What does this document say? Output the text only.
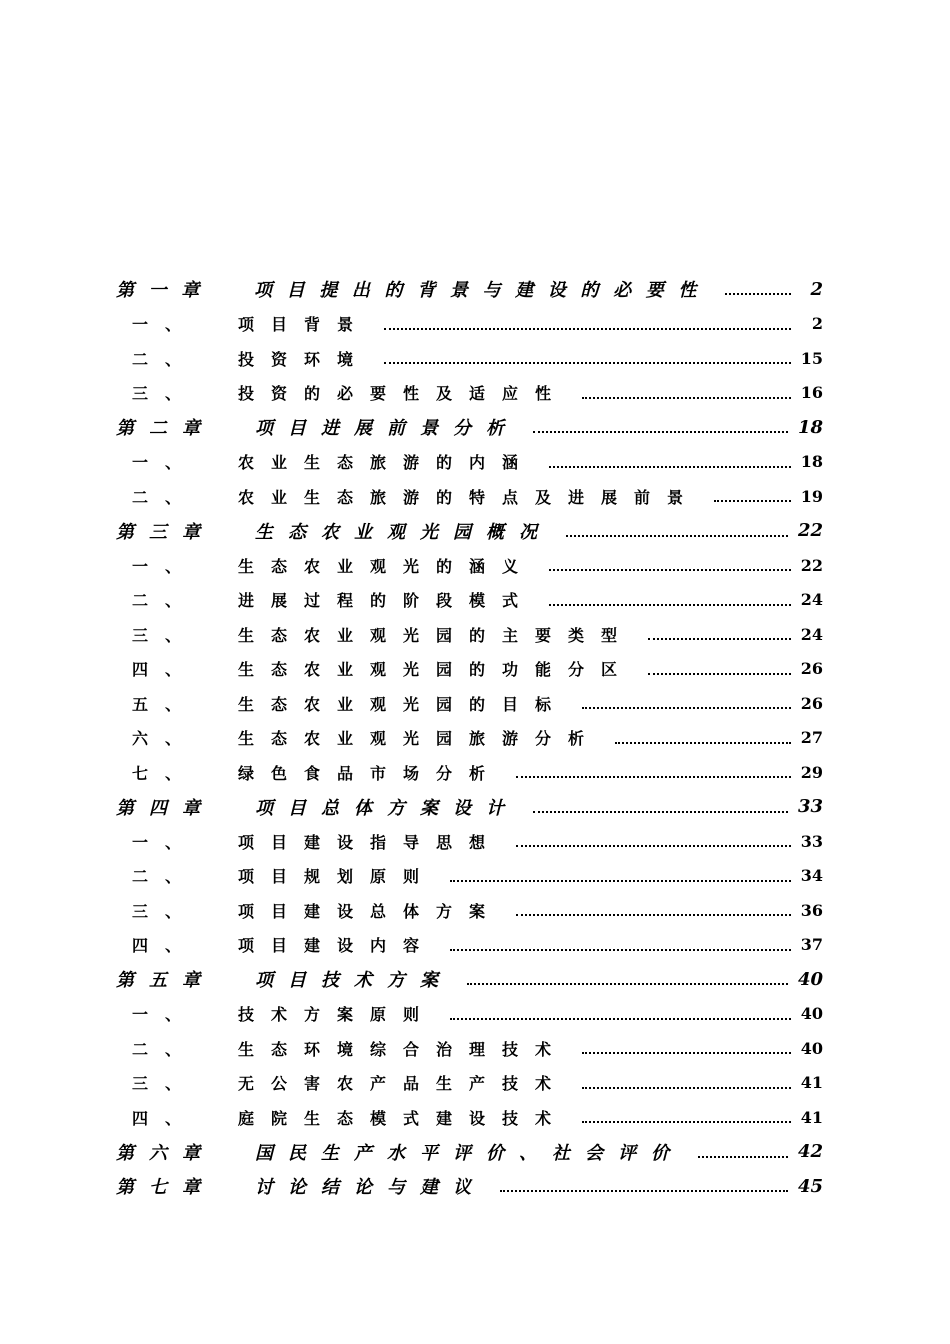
第一章 项目提出的背景与建设的必要性	2
一、	项目背景	2
二、	投资环境	15
三、	投资的必要性及适应性	16
第二章 项目进展前景分析	18
一、	农业生态旅游的内涵	18
二、	农业生态旅游的特点及进展前景	19
第三章 生态农业观光园概况	22
一、	生态农业观光的涵义	22
二、	进展过程的阶段模式	24
三、	生态农业观光园的主要类型	24
四、	生态农业观光园的功能分区	26
五、	生态农业观光园的目标	26
六、	生态农业观光园旅游分析	27
七、	绿色食品市场分析	29
第四章 项目总体方案设计	33
一、	项目建设指导思想	33
二、	项目规划原则	34
三、	项目建设总体方案	36
四、	项目建设内容	37
第五章 项目技术方案	40
一、	技术方案原则	40
二、	生态环境综合治理技术	40
三、	无公害农产品生产技术	41
四、	庭院生态模式建设技术	41
第六章 国民生产水平评价、社会评价	42
第七章 讨论结论与建议	45
